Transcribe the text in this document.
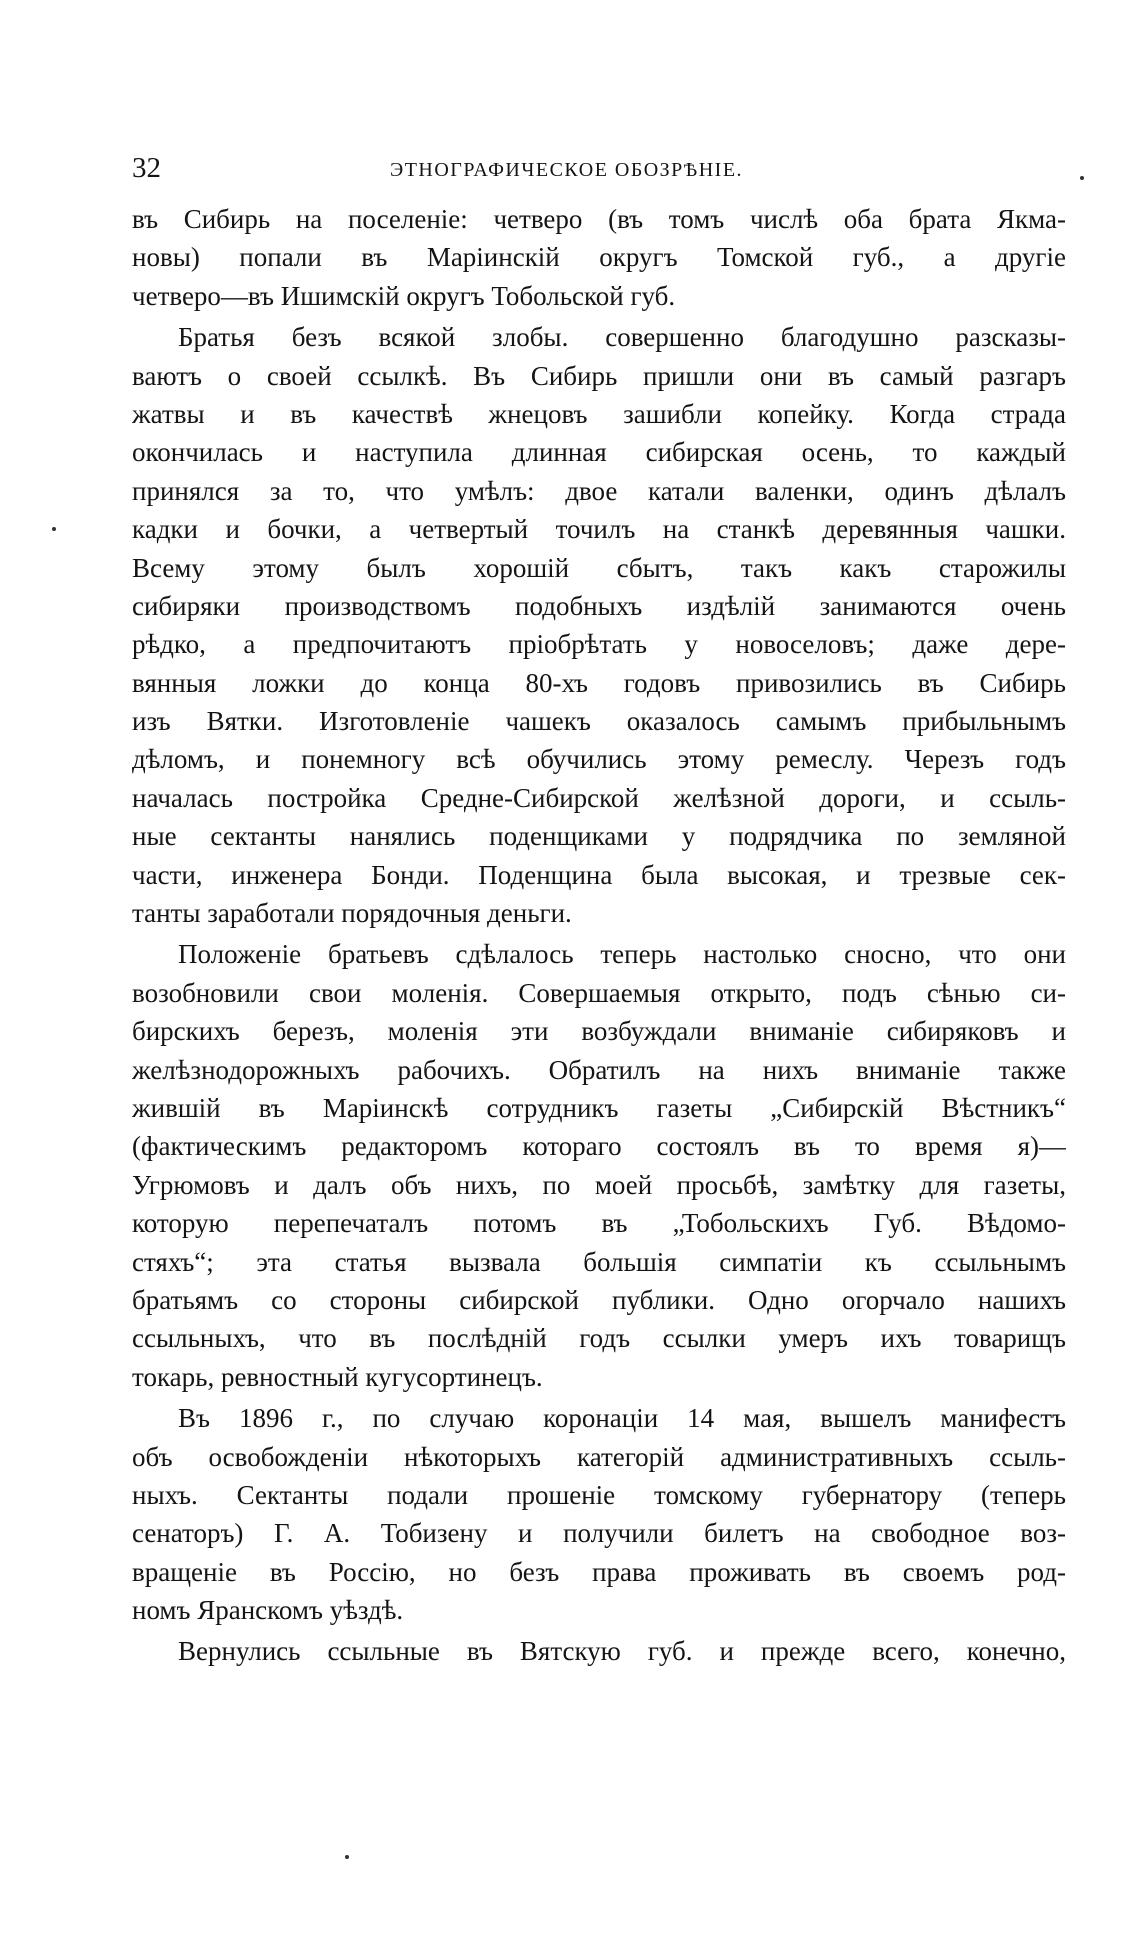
32	ЭТНОГРАФИЧЕСКОЕ ОБОЗРѢНІЕ.
въ Сибирь на поселеніе: четверо (въ томъ числѣ оба брата Якма-
новы) попали въ Маріинскій округъ Томской губ., а другіе
четверо—въ Ишимскій округъ Тобольской губ.
Братья безъ всякой злобы. совершенно благодушно разсказы-
ваютъ о своей ссылкѣ. Въ Сибирь пришли они въ самый разгаръ
жатвы и въ качествѣ жнецовъ зашибли копейку. Когда страда
окончилась и наступила длинная сибирская осень, то каждый
принялся за то, что умѣлъ: двое катали валенки, одинъ дѣлалъ
кадки и бочки, а четвертый точилъ на станкѣ деревянныя чашки.
Всему этому былъ хорошій сбытъ, такъ какъ старожилы
сибиряки производствомъ подобныхъ издѣлій занимаются очень
рѣдко, а предпочитаютъ пріобрѣтать у новоселовъ; даже дере-
вянныя ложки до конца 80-хъ годовъ привозились въ Сибирь
изъ Вятки. Изготовленіе чашекъ оказалось самымъ прибыльнымъ
дѣломъ, и понемногу всѣ обучились этому ремеслу. Черезъ годъ
началась постройка Средне-Сибирской желѣзной дороги, и ссыль-
ные сектанты нанялись поденщиками у подрядчика по земляной
части, инженера Бонди. Поденщина была высокая, и трезвые сек-
танты заработали порядочныя деньги.
Положеніе братьевъ сдѣлалось теперь настолько сносно, что они
возобновили свои моленія. Совершаемыя открыто, подъ сѣнью си-
бирскихъ березъ, моленія эти возбуждали вниманіе сибиряковъ и
желѣзнодорожныхъ рабочихъ. Обратилъ на нихъ вниманіе также
жившій въ Маріинскѣ сотрудникъ газеты „Сибирскій Вѣстникъ“
(фактическимъ редакторомъ котораго состоялъ въ то время я)—
Угрюмовъ и далъ объ нихъ, по моей просьбѣ, замѣтку для газеты,
которую перепечаталъ потомъ въ „Тобольскихъ Губ. Вѣдомо-
стяхъ“; эта статья вызвала большія симпатіи къ ссыльнымъ
братьямъ со стороны сибирской публики. Одно огорчало нашихъ
ссыльныхъ, что въ послѣдній годъ ссылки умеръ ихъ товарищъ
токарь, ревностный кугусортинецъ.
Въ 1896 г., по случаю коронаціи 14 мая, вышелъ манифестъ
объ освобожденіи нѣкоторыхъ категорій административныхъ ссыль-
ныхъ. Сектанты подали прошеніе томскому губернатору (теперь
сенаторъ) Г. А. Тобизену и получили билетъ на свободное воз-
вращеніе въ Россію, но безъ права проживать въ своемъ род-
номъ Яранскомъ уѣздѣ.
Вернулись ссыльные въ Вятскую губ. и прежде всего, конечно,
